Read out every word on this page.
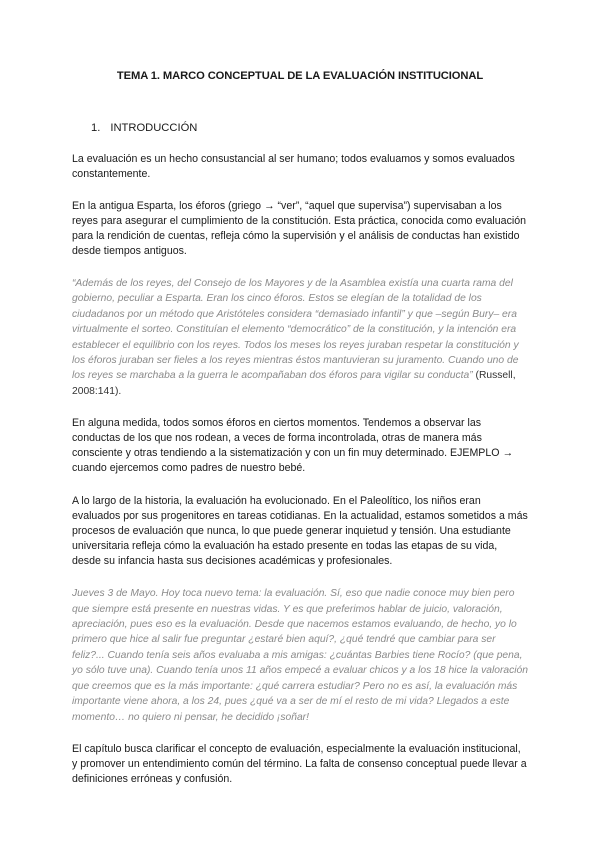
TEMA 1. MARCO CONCEPTUAL DE LA EVALUACIÓN INSTITUCIONAL
1. INTRODUCCIÓN

La evaluación es un hecho consustancial al ser humano; todos evaluamos y somos evaluados constantemente.

En la antigua Esparta, los éforos (griego → “ver”, “aquel que supervisa”) supervisaban a los reyes para asegurar el cumplimiento de la constitución. Esta práctica, conocida como evaluación para la rendición de cuentas, refleja cómo la supervisión y el análisis de conductas han existido desde tiempos antiguos.

“Además de los reyes, del Consejo de los Mayores y de la Asamblea existía una cuarta rama del gobierno, peculiar a Esparta. Eran los cinco éforos. Estos se elegían de la totalidad de los ciudadanos por un método que Aristóteles considera “demasiado infantil” y que –según Bury– era virtualmente el sorteo. Constituían el elemento “democrático” de la constitución, y la intención era establecer el equilibrio con los reyes. Todos los meses los reyes juraban respetar la constitución y los éforos juraban ser fieles a los reyes mientras éstos mantuvieran su juramento. Cuando uno de los reyes se marchaba a la guerra le acompañaban dos éforos para vigilar su conducta” (Russell, 2008:141).

En alguna medida, todos somos éforos en ciertos momentos. Tendemos a observar las conductas de los que nos rodean, a veces de forma incontrolada, otras de manera más consciente y otras tendiendo a la sistematización y con un fin muy determinado. EJEMPLO → cuando ejercemos como padres de nuestro bebé.

A lo largo de la historia, la evaluación ha evolucionado. En el Paleolítico, los niños eran evaluados por sus progenitores en tareas cotidianas. En la actualidad, estamos sometidos a más procesos de evaluación que nunca, lo que puede generar inquietud y tensión. Una estudiante universitaria refleja cómo la evaluación ha estado presente en todas las etapas de su vida, desde su infancia hasta sus decisiones académicas y profesionales.

Jueves 3 de Mayo. Hoy toca nuevo tema: la evaluación. Sí, eso que nadie conoce muy bien pero que siempre está presente en nuestras vidas. Y es que preferimos hablar de juicio, valoración, apreciación, pues eso es la evaluación. Desde que nacemos estamos evaluando, de hecho, yo lo primero que hice al salir fue preguntar ¿estaré bien aquí?, ¿qué tendré que cambiar para ser feliz?... Cuando tenía seis años evaluaba a mis amigas: ¿cuántas Barbies tiene Rocío? (que pena, yo sólo tuve una). Cuando tenía unos 11 años empecé a evaluar chicos y a los 18 hice la valoración que creemos que es la más importante: ¿qué carrera estudiar? Pero no es así, la evaluación más importante viene ahora, a los 24, pues ¿qué va a ser de mí el resto de mi vida? Llegados a este momento… no quiero ni pensar, he decidido ¡soñar!

El capítulo busca clarificar el concepto de evaluación, especialmente la evaluación institucional, y promover un entendimiento común del término. La falta de consenso conceptual puede llevar a definiciones erróneas y confusión.
